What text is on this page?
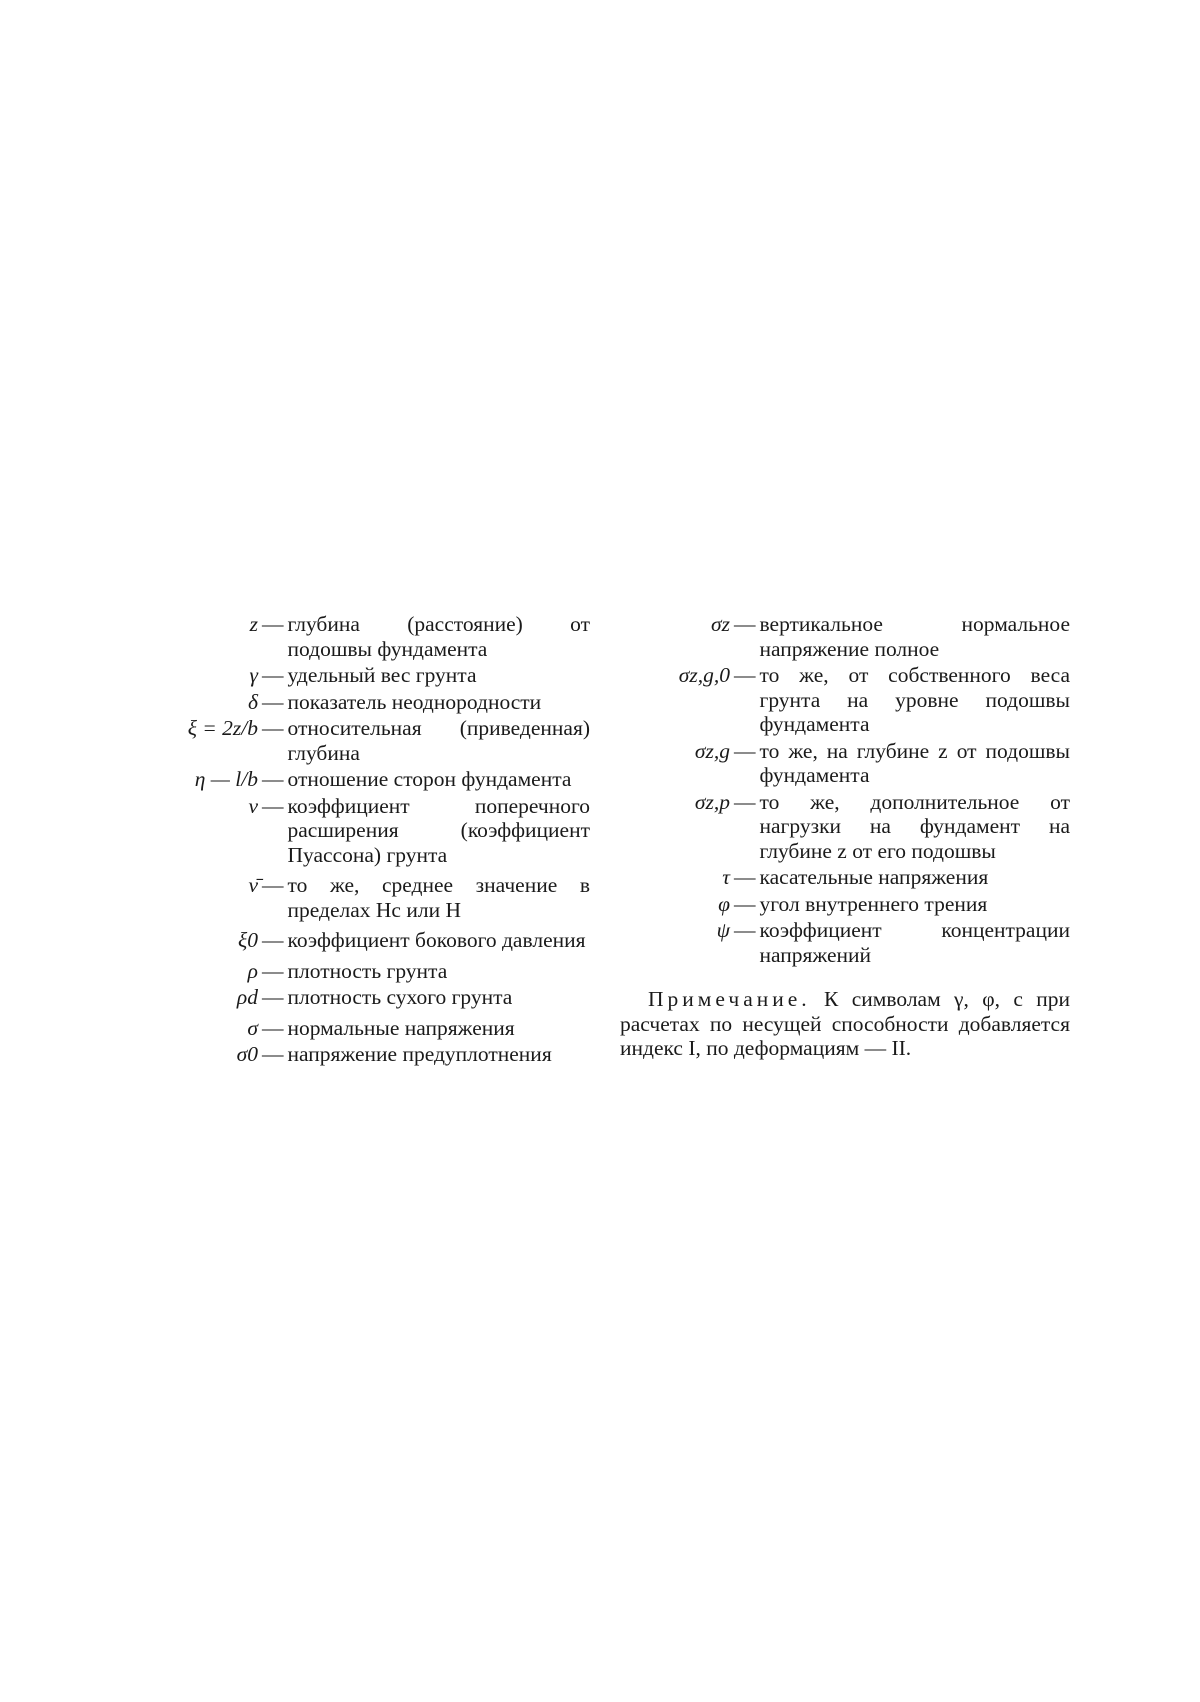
z — глубина (расстояние) от подошвы фундамента
γ — удельный вес грунта
δ — показатель неоднородности
ξ = 2z/b — относительная (приведенная) глубина
η — l/b — отношение сторон фундамента
ν — коэффициент поперечного расширения (коэффициент Пуассона) грунта
ν̄ — то же, среднее значение в пределах Hc или H
ξ0 — коэффициент бокового давления
ρ — плотность грунта
ρd — плотность сухого грунта
σ — нормальные напряжения
σ0 — напряжение предуплотнения
σz — вертикальное нормальное напряжение полное
σz,g,0 — то же, от собственного веса грунта на уровне подошвы фундамента
σz,g — то же, на глубине z от подошвы фундамента
σz,p — то же, дополнительное от нагрузки на фундамент на глубине z от его подошвы
τ — касательные напряжения
φ — угол внутреннего трения
ψ — коэффициент концентрации напряжений
Примечание. К символам γ, φ, c при расчетах по несущей способности добавляется индекс I, по деформациям — II.
